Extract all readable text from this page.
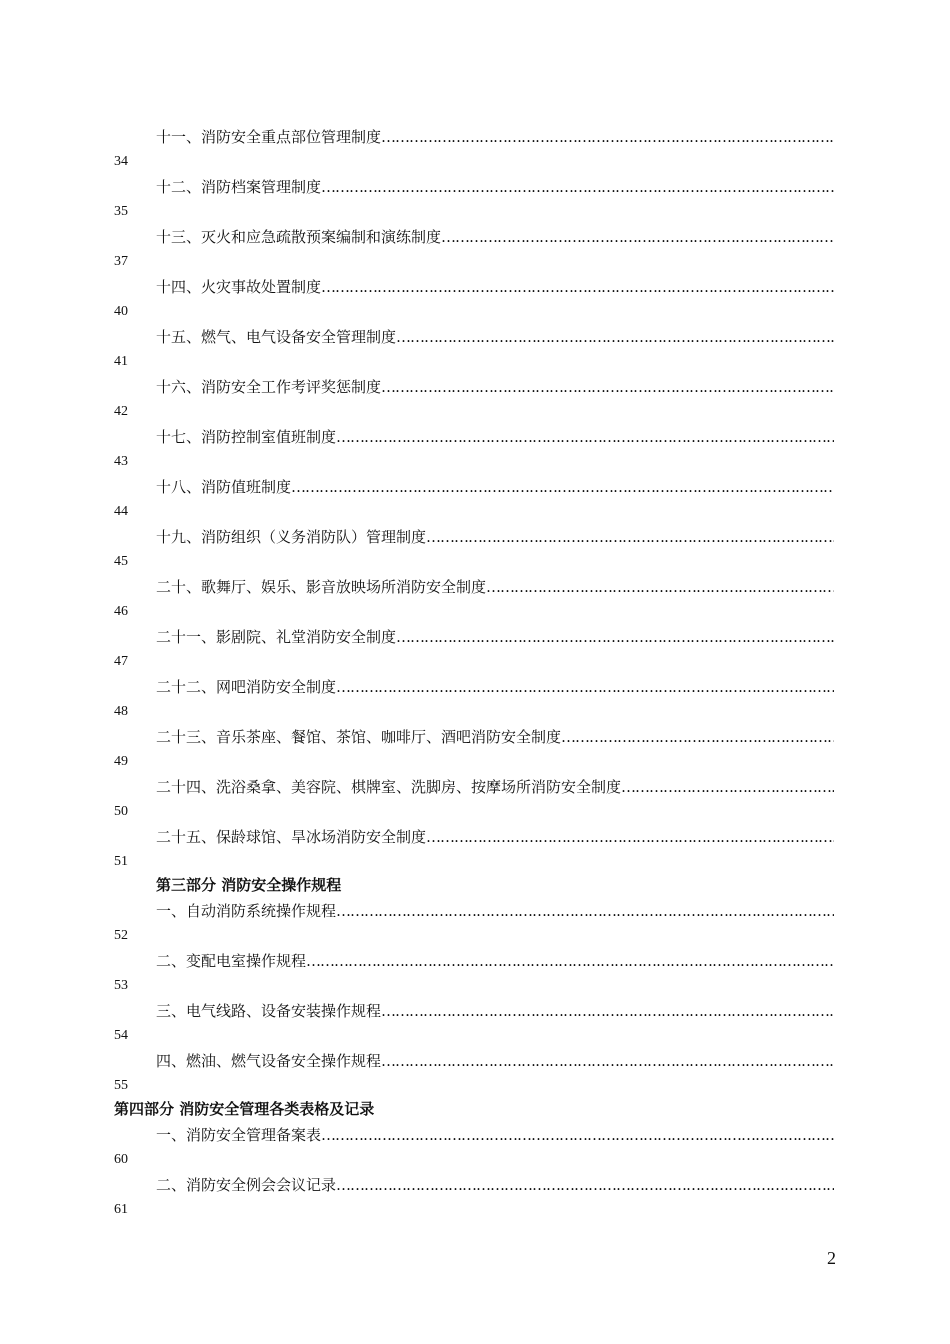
十一、消防安全重点部位管理制度 ……………………………………………………………………………………………………………………………………………………………………………………………………
34
十二、消防档案管理制度 ……………………………………………………………………………………………………………………………………………………………………………………………………
35
十三、灭火和应急疏散预案编制和演练制度 ……………………………………………………………………………………………………………………………………………………………………………………………………
37
十四、火灾事故处置制度 ……………………………………………………………………………………………………………………………………………………………………………………………………
40
十五、燃气、电气设备安全管理制度 ……………………………………………………………………………………………………………………………………………………………………………………………………
41
十六、消防安全工作考评奖惩制度 ……………………………………………………………………………………………………………………………………………………………………………………………………
42
十七、消防控制室值班制度 ……………………………………………………………………………………………………………………………………………………………………………………………………
43
十八、消防值班制度 ……………………………………………………………………………………………………………………………………………………………………………………………………
44
十九、消防组织（义务消防队）管理制度 ……………………………………………………………………………………………………………………………………………………………………………………………………
45
二十、歌舞厅、娱乐、影音放映场所消防安全制度 ……………………………………………………………………………………………………………………………………………………………………………………………………
46
二十一、影剧院、礼堂消防安全制度 ……………………………………………………………………………………………………………………………………………………………………………………………………
47
二十二、网吧消防安全制度 ……………………………………………………………………………………………………………………………………………………………………………………………………
48
二十三、音乐茶座、餐馆、茶馆、咖啡厅、酒吧消防安全制度 ……………………………………………………………………………………………………………………………………………………………………………………………………
49
二十四、洗浴桑拿、美容院、棋牌室、洗脚房、按摩场所消防安全制度 ……………………………………………………………………………………………………………………………………………………………………………………………………
50
二十五、保龄球馆、旱冰场消防安全制度 ……………………………………………………………………………………………………………………………………………………………………………………………………
51
第三部分 消防安全操作规程
一、自动消防系统操作规程 ……………………………………………………………………………………………………………………………………………………………………………………………………
52
二、变配电室操作规程 ……………………………………………………………………………………………………………………………………………………………………………………………………
53
三、电气线路、设备安装操作规程 ……………………………………………………………………………………………………………………………………………………………………………………………………
54
四、燃油、燃气设备安全操作规程 ……………………………………………………………………………………………………………………………………………………………………………………………………
55
第四部分 消防安全管理各类表格及记录
一、消防安全管理备案表 ……………………………………………………………………………………………………………………………………………………………………………………………………
60
二、消防安全例会会议记录 ……………………………………………………………………………………………………………………………………………………………………………………………………
61
2
